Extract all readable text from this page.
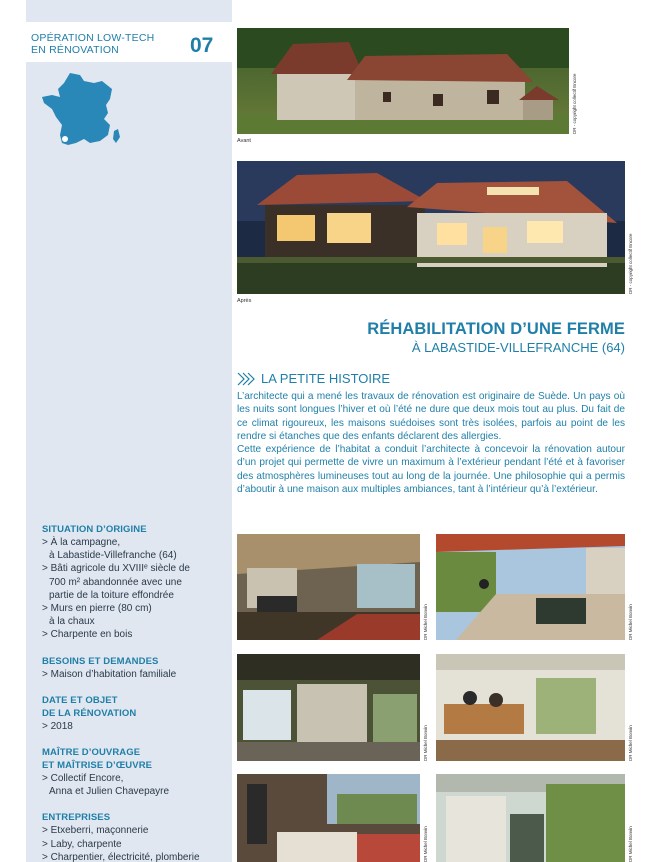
OPÉRATION LOW-TECH
EN RÉNOVATION	07
SITUATION D’ORIGINE
> À la campagne,
à Labastide-Villefranche (64)
> Bâti agricole du XVIIIᵉ siècle de
700 m² abandonnée avec une
partie de la toiture effondrée
> Murs en pierre (80 cm)
à la chaux
> Charpente en bois
BESOINS ET DEMANDES
> Maison d’habitation familiale
DATE ET OBJET
DE LA RÉNOVATION
> 2018
MAÎTRE D’OUVRAGE
ET MAÎTRISE D’ŒUVRE
> Collectif Encore,
Anna et Julien Chavepayre
ENTREPRISES
> Etxeberri, maçonnerie
> Laby, charpente
> Charpentier, électricité, plomberie
DR - copyright collectif Encore
Avant
DR - copyright collectif Encore
Après
RÉHABILITATION D’UNE FERME
À LABASTIDE-VILLEFRANCHE (64)
LA PETITE HISTOIRE

L’architecte qui a mené les travaux de rénovation est originaire de Suède. Un pays où les nuits sont longues l’hiver et où l’été ne dure que deux mois tout au plus. Du fait de ce climat rigoureux, les maisons suédoises sont très isolées, parfois au point de les rendre si étanches que des enfants déclarent des allergies.

Cette expérience de l’habitat a conduit l’architecte à concevoir la rénovation autour d’un projet qui permette de vivre un maximum à l’extérieur pendant l’été et à favoriser des atmosphères lumineuses tout au long de la journée. Une philosophie qui a permis d’aboutir à une maison aux multiples ambiances, tant à l’intérieur qu’à l’extérieur.

DR Michel Bonvin	DR Michel Bonvin
DR Michel Bonvin	DR Michel Bonvin
DR Michel Bonvin	DR Michel Bonvin
